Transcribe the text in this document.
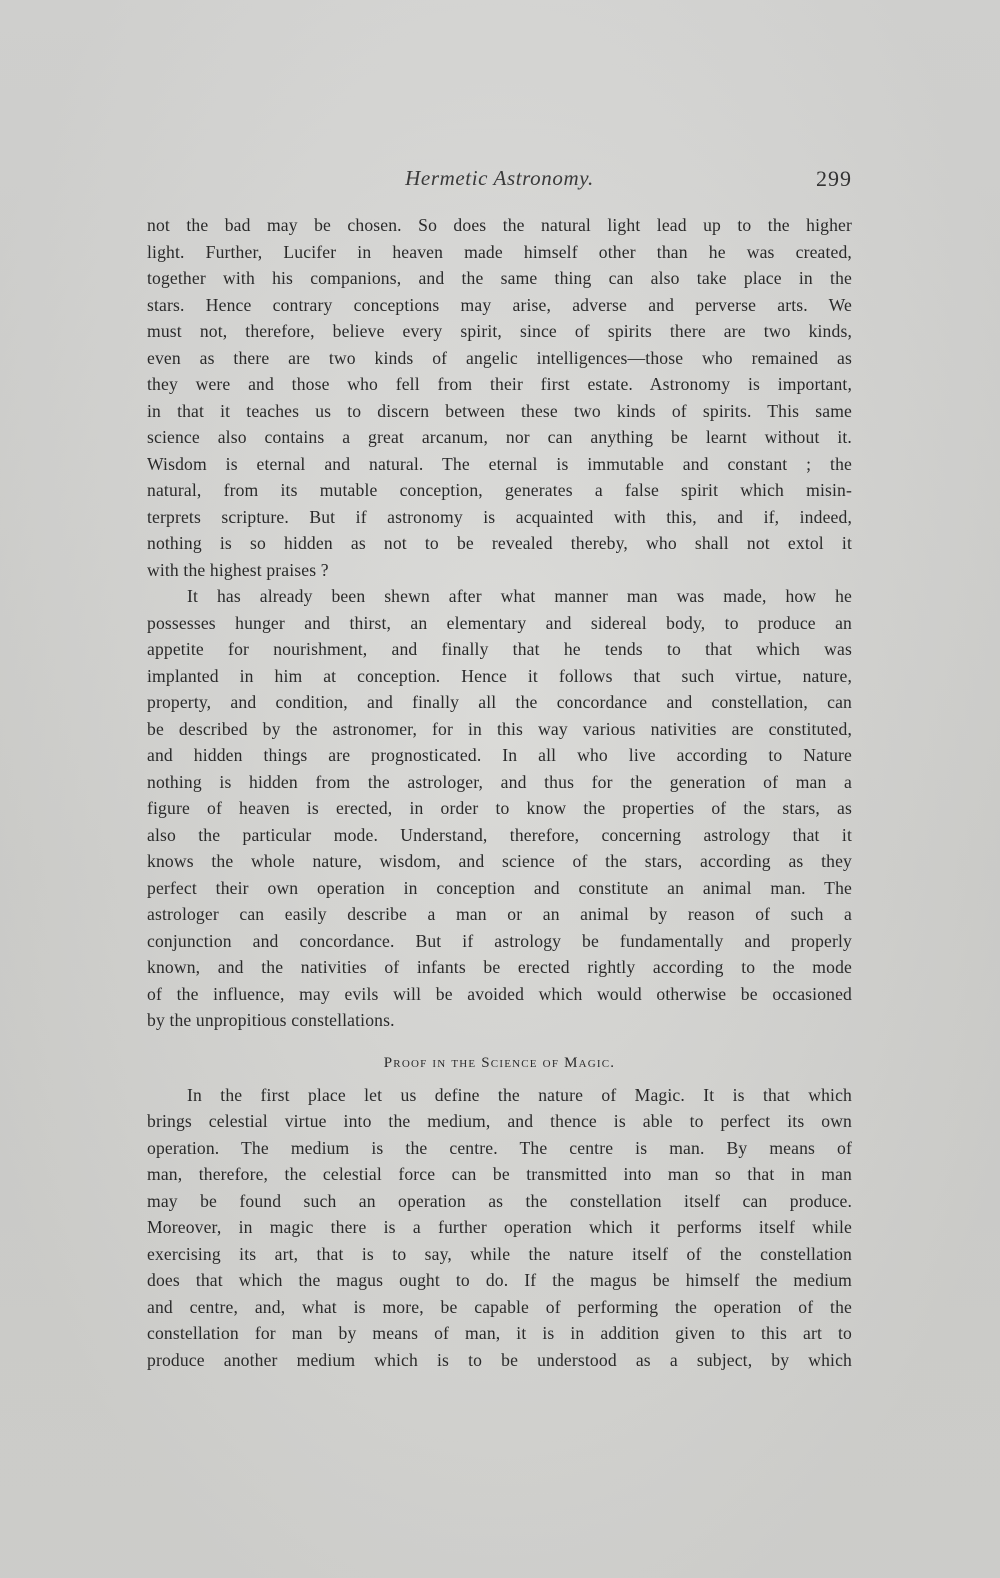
Hermetic Astronomy.	299
not the bad may be chosen. So does the natural light lead up to the higher
light. Further, Lucifer in heaven made himself other than he was created,
together with his companions, and the same thing can also take place in the
stars. Hence contrary conceptions may arise, adverse and perverse arts. We
must not, therefore, believe every spirit, since of spirits there are two kinds,
even as there are two kinds of angelic intelligences—those who remained as
they were and those who fell from their first estate. Astronomy is important,
in that it teaches us to discern between these two kinds of spirits. This same
science also contains a great arcanum, nor can anything be learnt without it.
Wisdom is eternal and natural. The eternal is immutable and constant ; the
natural, from its mutable conception, generates a false spirit which misin-
terprets scripture. But if astronomy is acquainted with this, and if, indeed,
nothing is so hidden as not to be revealed thereby, who shall not extol it
with the highest praises ?
It has already been shewn after what manner man was made, how he
possesses hunger and thirst, an elementary and sidereal body, to produce an
appetite for nourishment, and finally that he tends to that which was
implanted in him at conception. Hence it follows that such virtue, nature,
property, and condition, and finally all the concordance and constellation, can
be described by the astronomer, for in this way various nativities are constituted,
and hidden things are prognosticated. In all who live according to Nature
nothing is hidden from the astrologer, and thus for the generation of man a
figure of heaven is erected, in order to know the properties of the stars, as
also the particular mode. Understand, therefore, concerning astrology that it
knows the whole nature, wisdom, and science of the stars, according as they
perfect their own operation in conception and constitute an animal man. The
astrologer can easily describe a man or an animal by reason of such a
conjunction and concordance. But if astrology be fundamentally and properly
known, and the nativities of infants be erected rightly according to the mode
of the influence, may evils will be avoided which would otherwise be occasioned
by the unpropitious constellations.
Proof in the Science of Magic.
In the first place let us define the nature of Magic. It is that which
brings celestial virtue into the medium, and thence is able to perfect its own
operation. The medium is the centre. The centre is man. By means of
man, therefore, the celestial force can be transmitted into man so that in man
may be found such an operation as the constellation itself can produce.
Moreover, in magic there is a further operation which it performs itself while
exercising its art, that is to say, while the nature itself of the constellation
does that which the magus ought to do. If the magus be himself the medium
and centre, and, what is more, be capable of performing the operation of the
constellation for man by means of man, it is in addition given to this art to
produce another medium which is to be understood as a subject, by which
